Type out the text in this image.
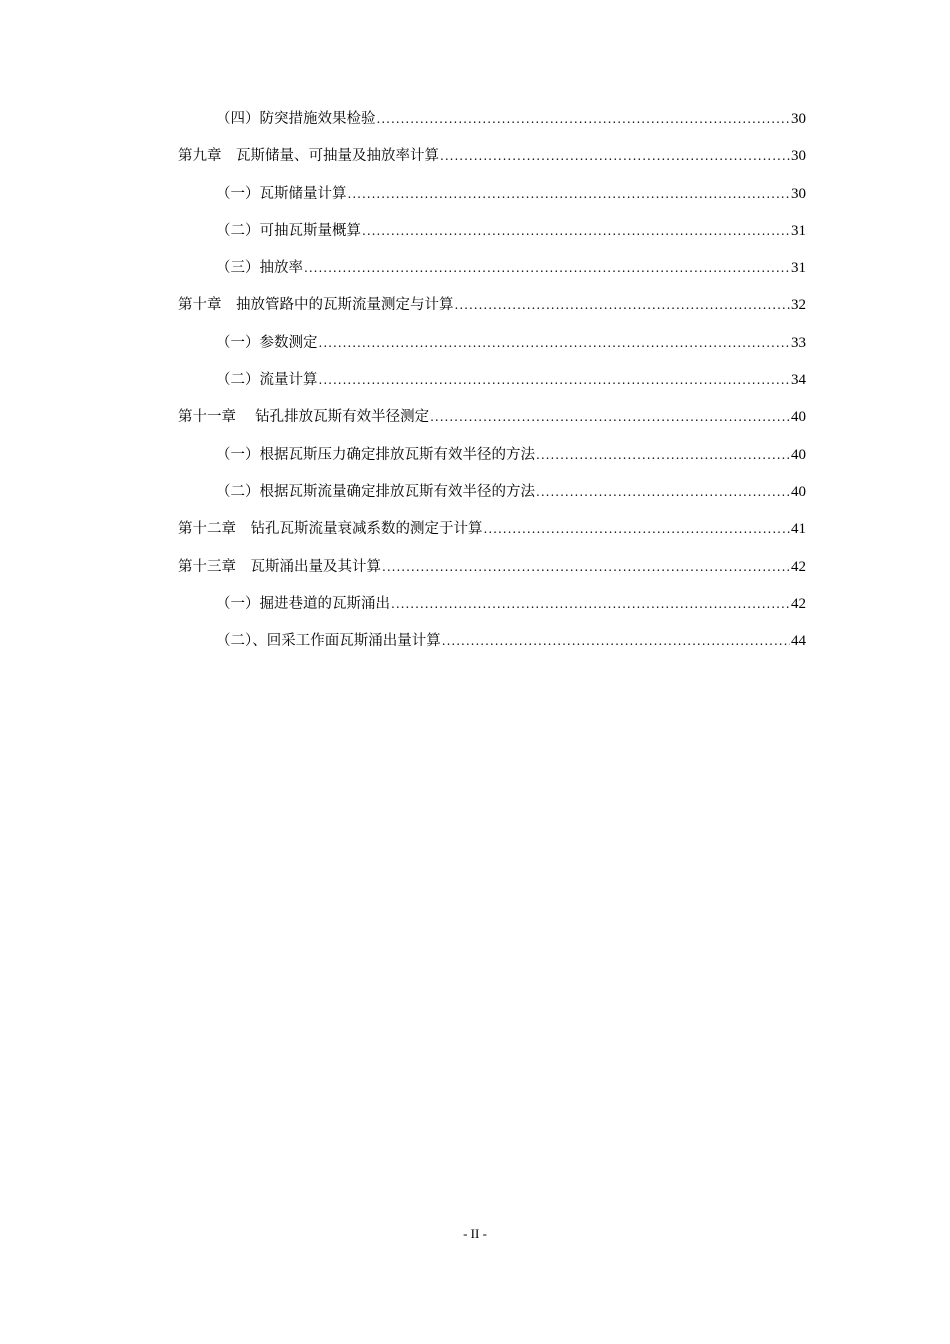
（四）防突措施效果检验 .....	30
第九章　瓦斯储量、可抽量及抽放率计算 .....	30
（一）瓦斯储量计算 .....	30
（二）可抽瓦斯量概算 .....	31
（三）抽放率 .....	31
第十章　抽放管路中的瓦斯流量测定与计算 .....	32
（一）参数测定 .....	33
（二）流量计算 .....	34
第十一章　 钻孔排放瓦斯有效半径测定 .....	40
（一）根据瓦斯压力确定排放瓦斯有效半径的方法 .....	40
（二）根据瓦斯流量确定排放瓦斯有效半径的方法 .....	40
第十二章　钻孔瓦斯流量衰减系数的测定于计算 .....	41
第十三章　瓦斯涌出量及其计算 .....	42
（一）掘进巷道的瓦斯涌出 .....	42
（二）、回采工作面瓦斯涌出量计算 .....	44
- II -
